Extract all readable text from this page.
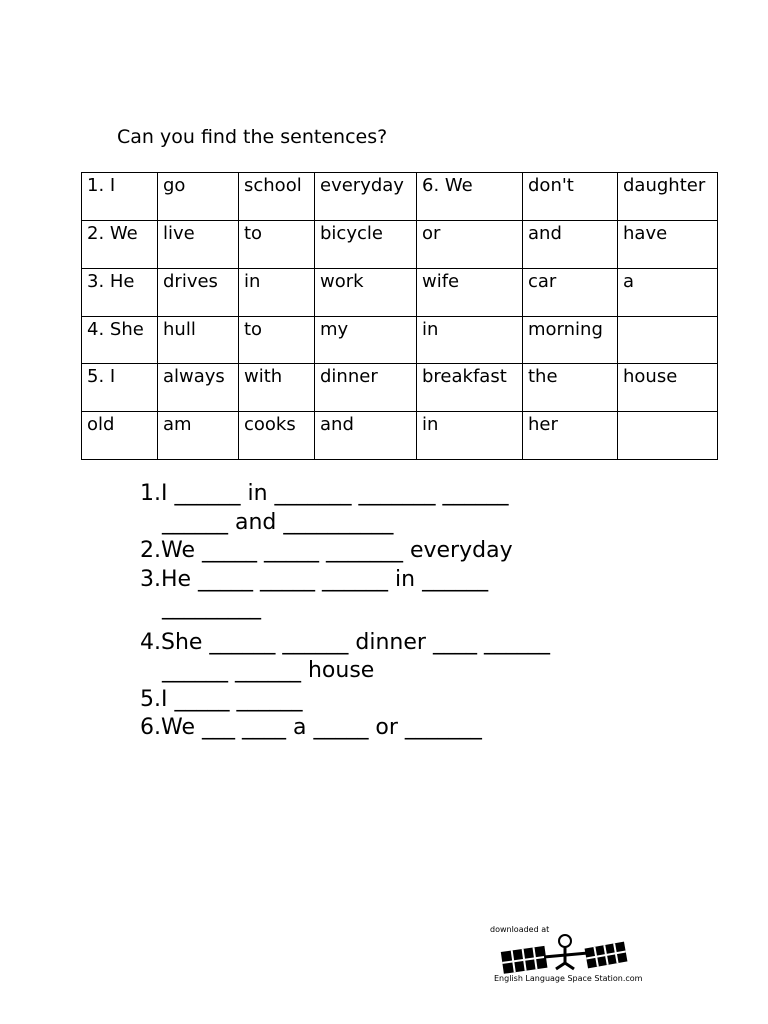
Can you find the sentences?
1. I	go	school	everyday	6. We	don't	daughter
2. We	live	to	bicycle	or	and	have
3. He	drives	in	work	wife	car	a
4. She	hull	to	my	in	morning	
5. I	always	with	dinner	breakfast	the	house
old	am	cooks	and	in	her	
1.I ______ in _______ _______ ______
______ and __________
2.We _____ _____ _______ everyday
3.He _____ _____ ______ in ______
_________
4.She ______ ______ dinner ____ ______
______ ______ house
5.I _____ ______
6.We ___ ____ a _____ or _______
downloaded at
English Language Space Station.com
